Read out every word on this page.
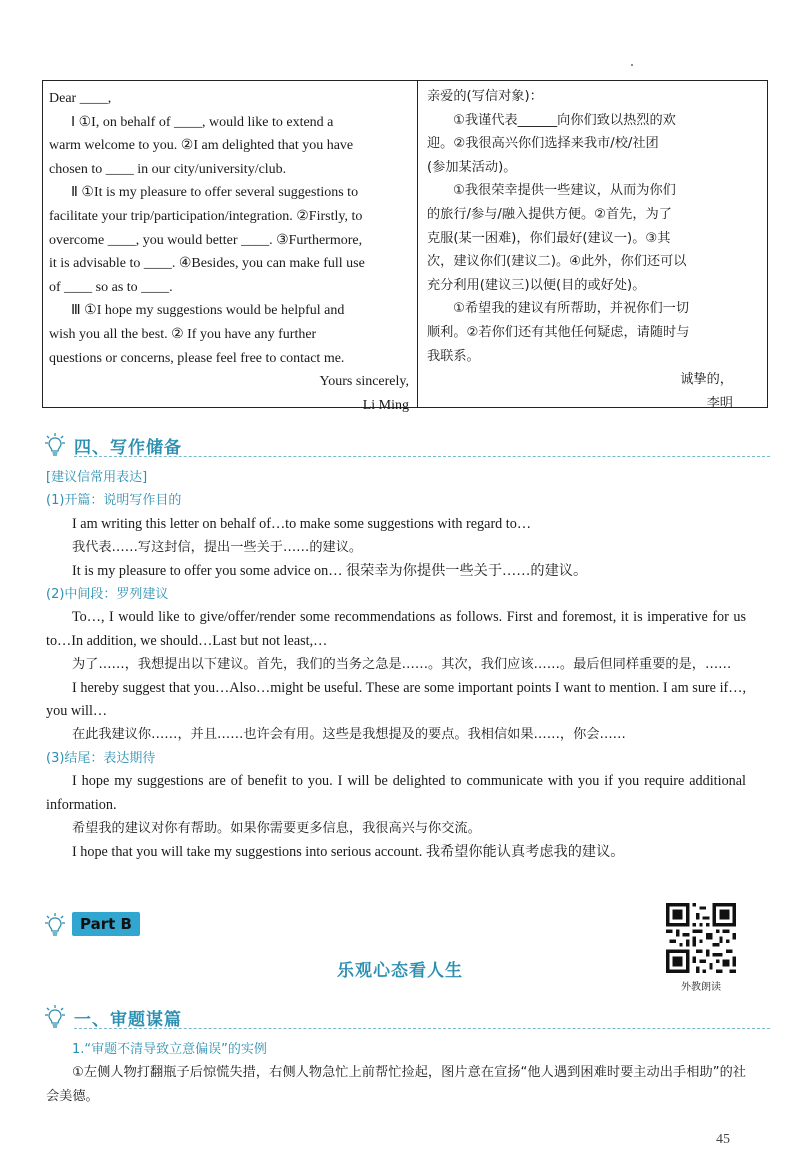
Dear ____,

Ⅰ ①I, on behalf of ____, would like to extend a

warm welcome to you. ②I am delighted that you have

chosen to ____ in our city/university/club.

Ⅱ ①It is my pleasure to offer several suggestions to

facilitate your trip/participation/integration. ②Firstly, to

overcome ____, you would better ____. ③Furthermore,

it is advisable to ____. ④Besides, you can make full use

of ____ so as to ____.

Ⅲ ①I hope my suggestions would be helpful and

wish you all the best. ② If you have any further

questions or concerns, please feel free to contact me.

Yours sincerely,

Li Ming

亲爱的(写信对象)：

①我谨代表______向你们致以热烈的欢

迎。②我很高兴你们选择来我市/校/社团

(参加某活动)。

①我很荣幸提供一些建议，从而为你们

的旅行/参与/融入提供方便。②首先，为了

克服(某一困难)，你们最好(建议一)。③其

次，建议你们(建议二)。④此外，你们还可以

充分利用(建议三)以便(目的或好处)。

①希望我的建议有所帮助，并祝你们一切

顺利。②若你们还有其他任何疑虑，请随时与

我联系。

诚挚的，

李明

四、写作储备

[建议信常用表达]

(1)开篇：说明写作目的

I am writing this letter on behalf of…to make some suggestions with regard to…

我代表……写这封信，提出一些关于……的建议。

It is my pleasure to offer you some advice on… 很荣幸为你提供一些关于……的建议。

(2)中间段：罗列建议

To…, I would like to give/offer/render some recommendations as follows. First and foremost, it is imperative for us to…In addition, we should…Last but not least,…

为了……，我想提出以下建议。首先，我们的当务之急是……。其次，我们应该……。最后但同样重要的是，……

I hereby suggest that you…Also…might be useful. These are some important points I want to mention. I am sure if…, you will…

在此我建议你……，并且……也许会有用。这些是我想提及的要点。我相信如果……，你会……

(3)结尾：表达期待

I hope my suggestions are of benefit to you. I will be delighted to communicate with you if you require additional information.

希望我的建议对你有帮助。如果你需要更多信息，我很高兴与你交流。

I hope that you will take my suggestions into serious account. 我希望你能认真考虑我的建议。

Part B
乐观心态看人生
外教朗读
一、审题谋篇

1.“审题不清导致立意偏误”的实例

①左侧人物打翻瓶子后惊慌失措，右侧人物急忙上前帮忙捡起，图片意在宣扬“他人遇到困难时要主动出手相助”的社会美德。

45
